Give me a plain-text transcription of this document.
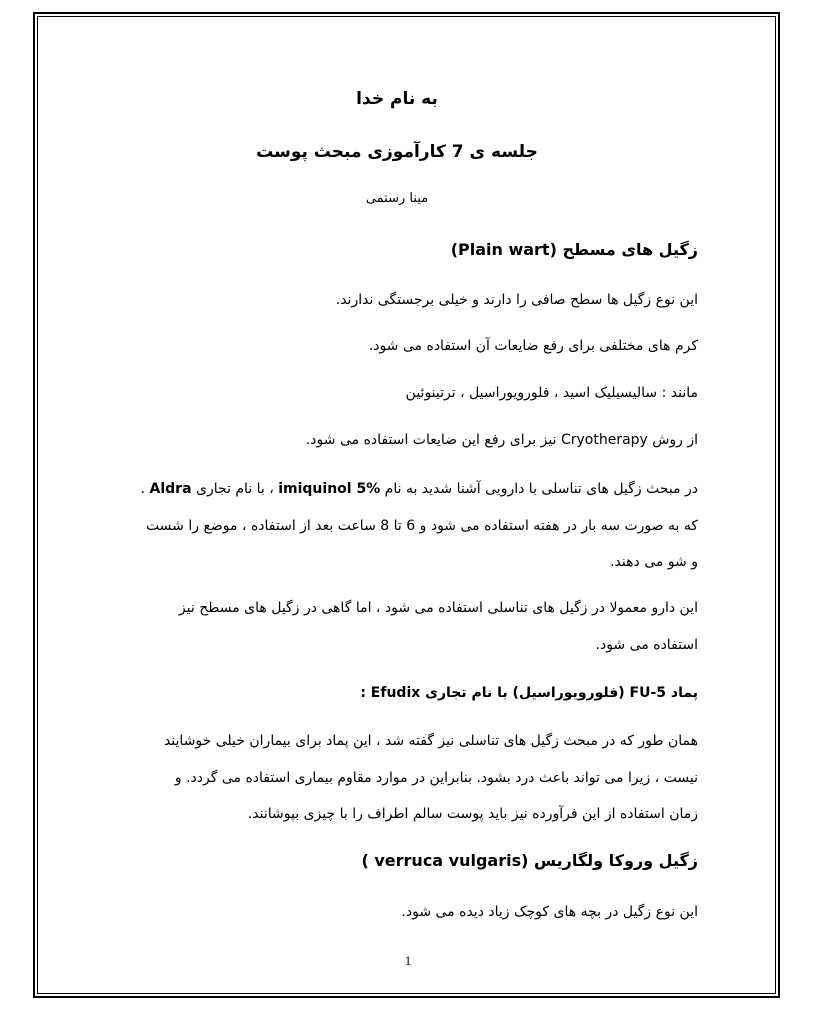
به نام خدا
جلسه ی 7 کارآموزی مبحث پوست
مینا رستمی
زگیل های مسطح (Plain wart)
این نوع زگیل ها سطح صافی را دارند و خیلی برجستگی ندارند.
کرم های مختلفی برای رفع ضایعات آن استفاده می شود.
مانند : سالیسیلیک اسید ، فلورویوراسیل ، ترتینوئین
از روش Cryotherapy نیز برای رفع این ضایعات استفاده می شود.
در مبحث زگیل های تناسلی با دارویی آشنا شدید به نام imiquinol 5% ، با نام تجاری Aldra .
که به صورت سه بار در هفته استفاده می شود و 6 تا 8 ساعت بعد از استفاده ، موضع را شست
و شو می دهند.
این دارو معمولا در زگیل های تناسلی استفاده می شود ، اما گاهی در زگیل های مسطح نیز
استفاده می شود.
پماد 5-FU (فلورویوراسیل) با نام تجاری Efudix :
همان طور که در مبحث زگیل های تناسلی نیز گفته شد ، این پماد برای بیماران خیلی خوشایند
نیست ، زیرا می تواند باعث درد بشود. بنابراین در موارد مقاوم بیماری استفاده می گردد. و
زمان استفاده از این فرآورده نیز باید پوست سالم اطراف را با چیزی بپوشانند.
زگیل وروکا ولگاریس (verruca vulgaris )
این نوع زگیل در بچه های کوچک زیاد دیده می شود.
1
